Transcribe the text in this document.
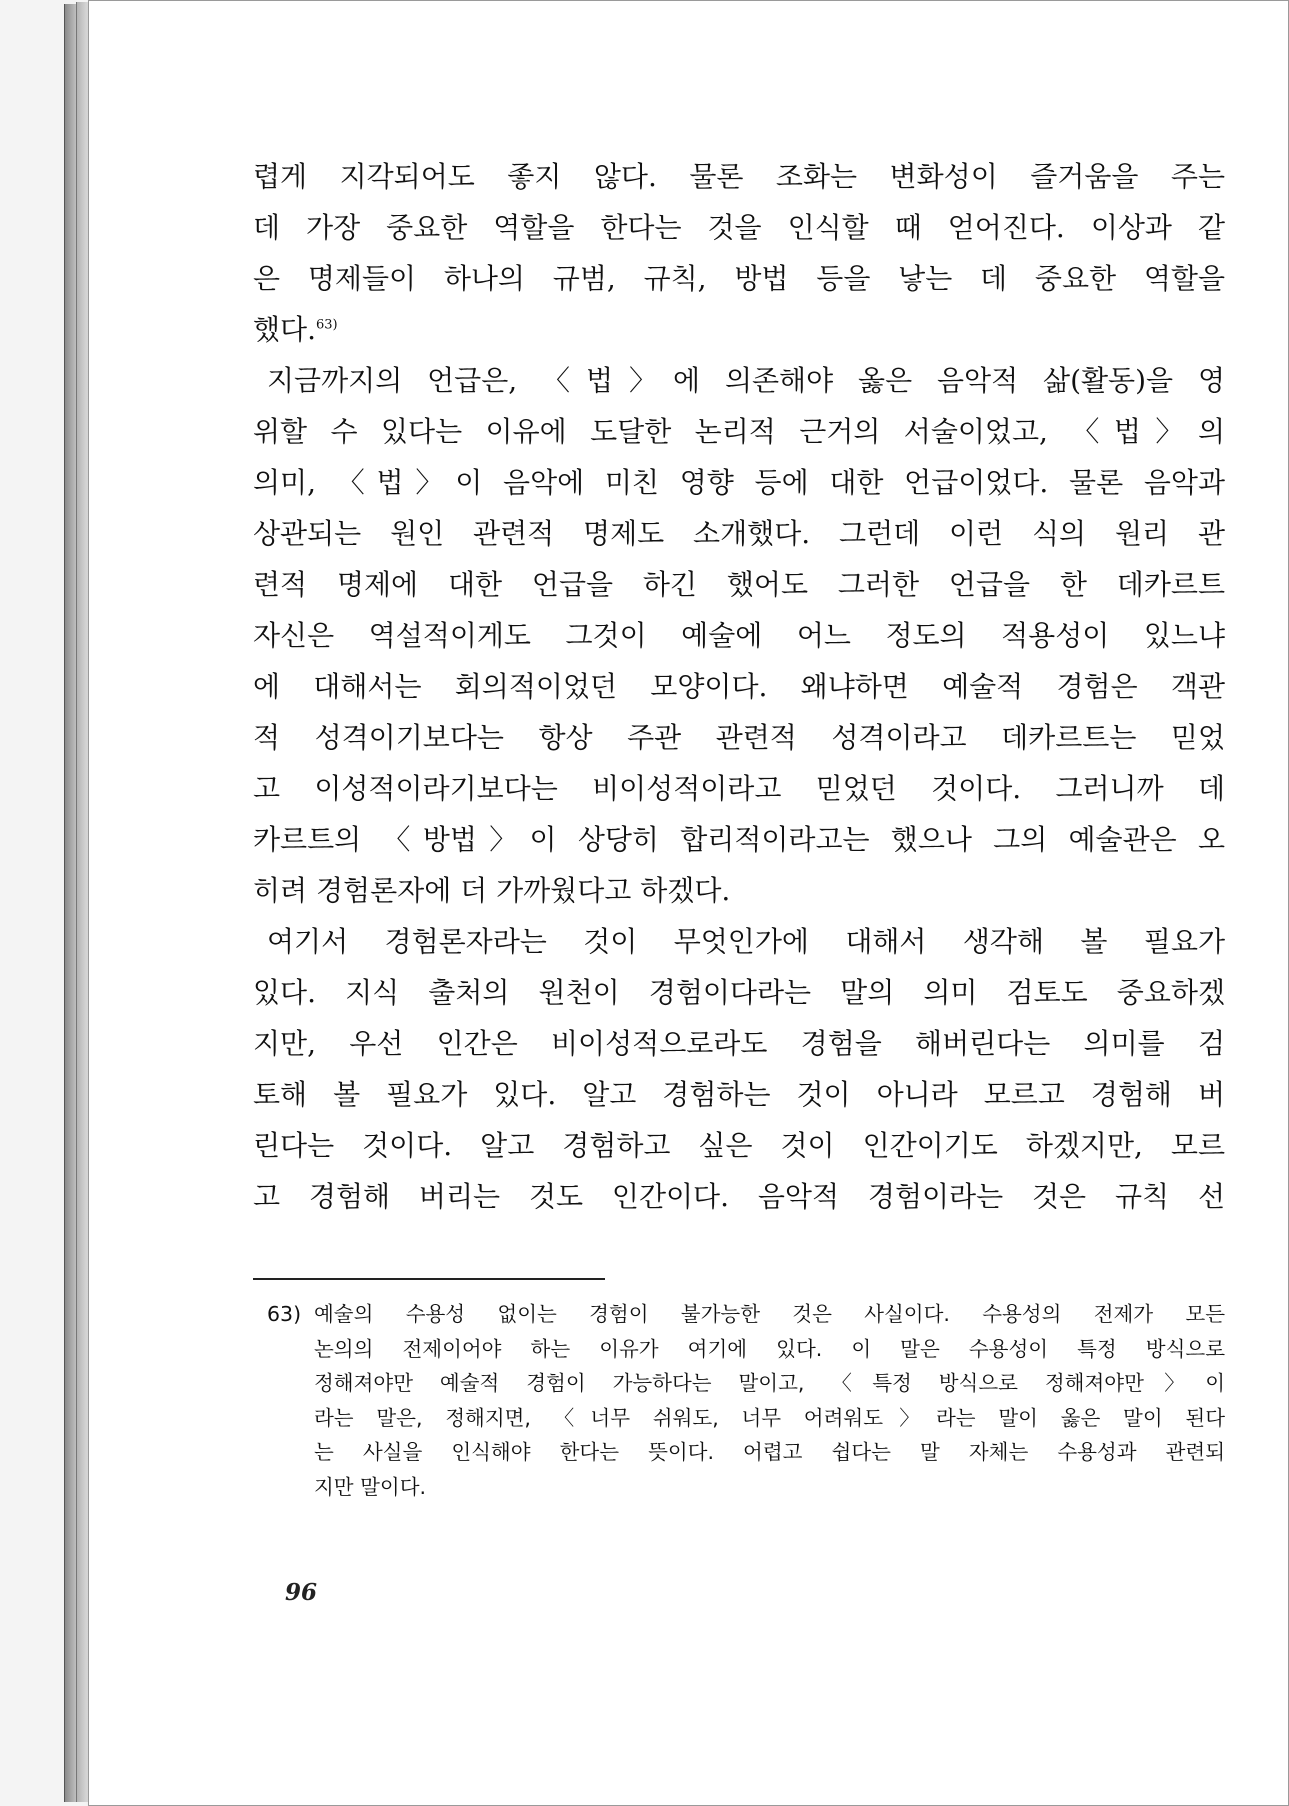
렵게 지각되어도 좋지 않다. 물론 조화는 변화성이 즐거움을 주는
데 가장 중요한 역할을 한다는 것을 인식할 때 얻어진다. 이상과 같
은 명제들이 하나의 규범, 규칙, 방법 등을 낳는 데 중요한 역할을
했다.$^{63)}$
지금까지의 언급은, 〈법〉에 의존해야 옳은 음악적 삶(활동)을 영
위할 수 있다는 이유에 도달한 논리적 근거의 서술이었고, 〈법〉의
의미, 〈법〉이 음악에 미친 영향 등에 대한 언급이었다. 물론 음악과
상관되는 원인 관련적 명제도 소개했다. 그런데 이런 식의 원리 관
련적 명제에 대한 언급을 하긴 했어도 그러한 언급을 한 데카르트
자신은 역설적이게도 그것이 예술에 어느 정도의 적용성이 있느냐
에 대해서는 회의적이었던 모양이다. 왜냐하면 예술적 경험은 객관
적 성격이기보다는 항상 주관 관련적 성격이라고 데카르트는 믿었
고 이성적이라기보다는 비이성적이라고 믿었던 것이다. 그러니까 데
카르트의 〈방법〉이 상당히 합리적이라고는 했으나 그의 예술관은 오
히려 경험론자에 더 가까웠다고 하겠다.
여기서 경험론자라는 것이 무엇인가에 대해서 생각해 볼 필요가
있다. 지식 출처의 원천이 경험이다라는 말의 의미 검토도 중요하겠
지만, 우선 인간은 비이성적으로라도 경험을 해버린다는 의미를 검
토해 볼 필요가 있다. 알고 경험하는 것이 아니라 모르고 경험해 버
린다는 것이다. 알고 경험하고 싶은 것이 인간이기도 하겠지만, 모르
고 경험해 버리는 것도 인간이다. 음악적 경험이라는 것은 규칙 선
63) 예술의 수용성 없이는 경험이 불가능한 것은 사실이다. 수용성의 전제가 모든
논의의 전제이어야 하는 이유가 여기에 있다. 이 말은 수용성이 특정 방식으로
정해져야만 예술적 경험이 가능하다는 말이고, 〈특정 방식으로 정해져야만〉이
라는 말은, 정해지면, 〈너무 쉬워도, 너무 어려워도〉라는 말이 옳은 말이 된다
는 사실을 인식해야 한다는 뜻이다. 어렵고 쉽다는 말 자체는 수용성과 관련되
지만 말이다.
96
